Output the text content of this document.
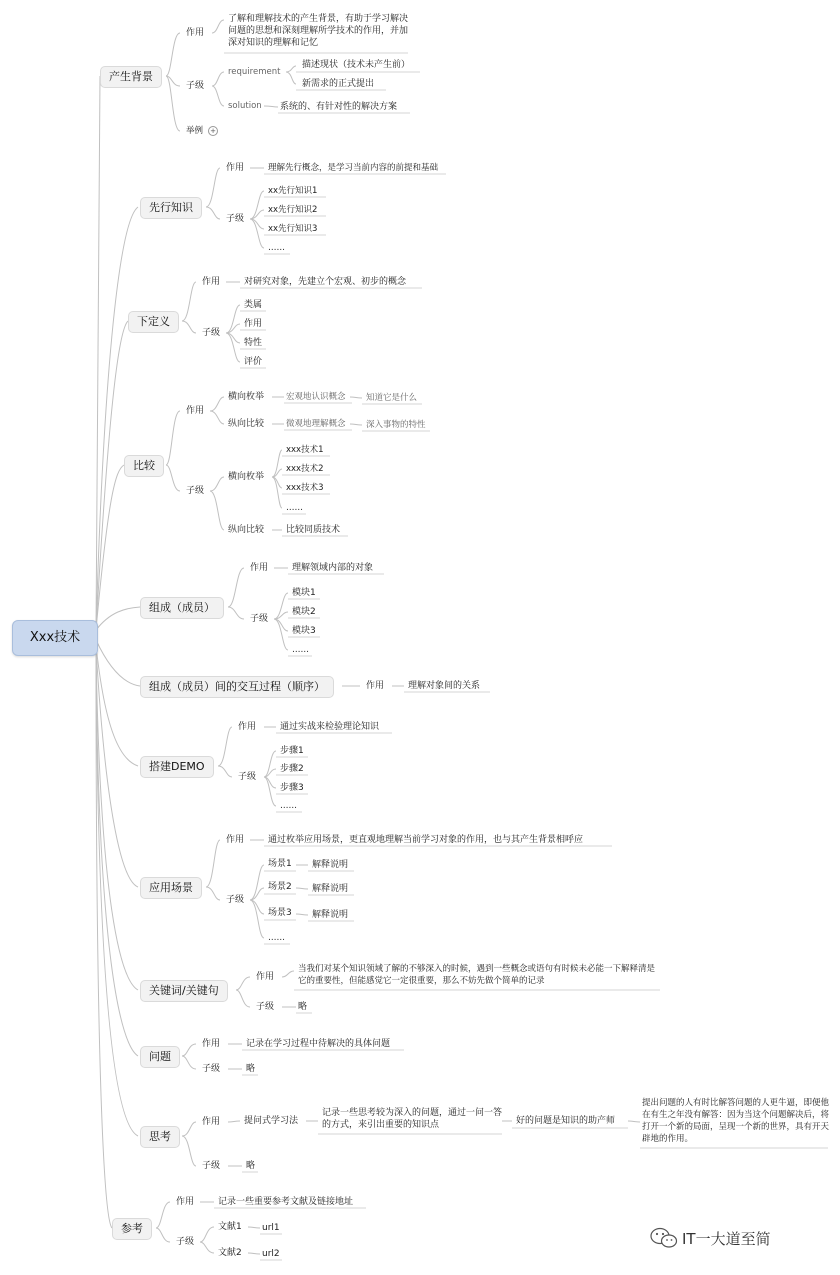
Xxx技术
产生背景
作用
了解和理解技术的产生背景，有助于学习解决问题的思想和深刻理解所学技术的作用，并加深对知识的理解和记忆
子级
requirement
描述现状（技术未产生前）
新需求的正式提出
solution 系统的、有针对性的解决方案
举例 +
先行知识
作用	理解先行概念，是学习当前内容的前提和基础
子级
xx先行知识1
xx先行知识2
xx先行知识3
……
下定义
作用	对研究对象，先建立个宏观、初步的概念
子级
类属
作用
特性
评价
比较
作用
横向枚举	宏观地认识概念 知道它是什么
纵向比较	微观地理解概念 深入事物的特性
子级
横向枚举
xxx技术1
xxx技术2
xxx技术3
……
纵向比较 比较同质技术
组成（成员）
作用	理解领域内部的对象
子级
模块1
模块2
模块3
……
组成（成员）间的交互过程（顺序）	作用	理解对象间的关系
搭建DEMO
作用	通过实战来检验理论知识
子级
步骤1
步骤2
步骤3
……
应用场景
作用	通过枚举应用场景，更直观地理解当前学习对象的作用，也与其产生背景相呼应
子级
场景1
场景2
场景3
……
解释说明
解释说明
解释说明
关键词/关键句
作用
当我们对某个知识领域了解的不够深入的时候，遇到一些概念或语句有时候未必能一下解释清是它的重要性，但能感觉它一定很重要，那么不妨先做个简单的记录
子级	略
问题
作用	记录在学习过程中待解决的具体问题
子级	略
思考
作用	提问式学习法
记录一些思考较为深入的问题，通过一问一答的方式，来引出重要的知识点	好的问题是知识的助产师
提出问题的人有时比解答问题的人更牛逼，即便他在有生之年没有解答：因为当这个问题解决后，将打开一个新的局面，呈现一个新的世界，具有开天辟地的作用。
子级	略
参考
作用	记录一些重要参考文献及链接地址
子级
文献1 url1
文献2 url2
IT一大道至简
